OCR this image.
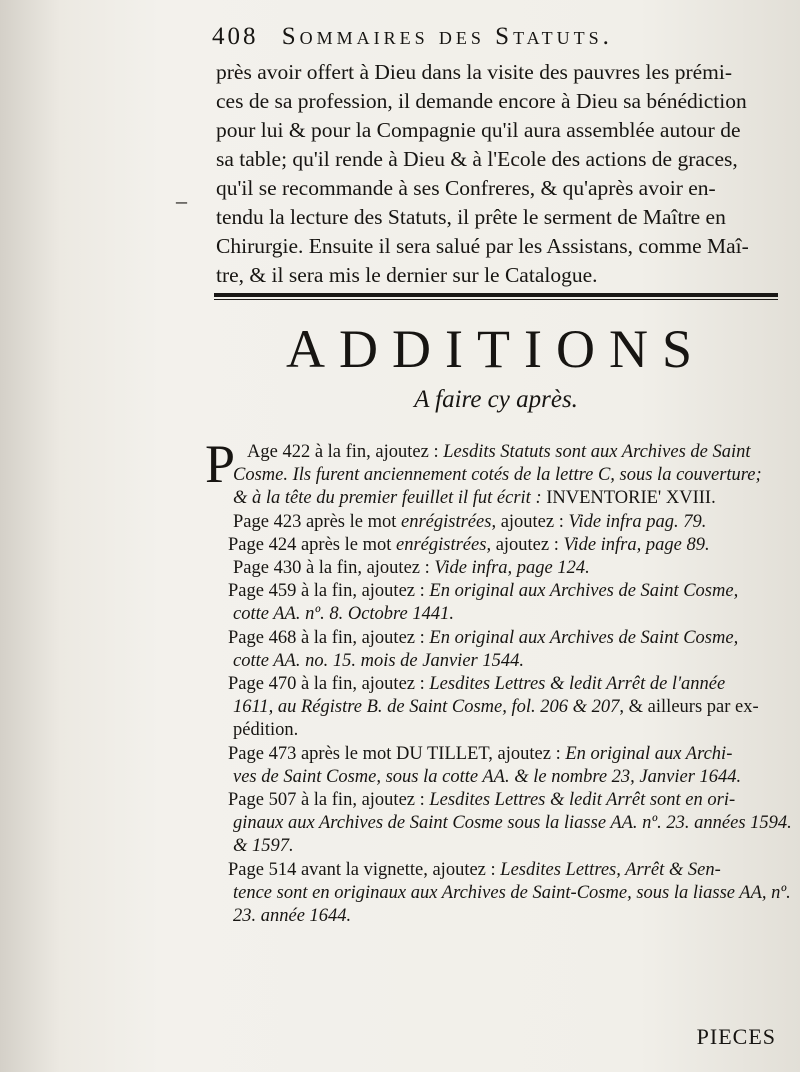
408 Sommaires des Statuts.
près avoir offert à Dieu dans la visite des pauvres les prémi-
ces de sa profession, il demande encore à Dieu sa bénédiction
pour lui & pour la Compagnie qu'il aura assemblée autour de
sa table; qu'il rende à Dieu & à l'Ecole des actions de graces,
qu'il se recommande à ses Confreres, & qu'après avoir en-
tendu la lecture des Statuts, il prête le serment de Maître en
Chirurgie. Ensuite il sera salué par les Assistans, comme Maî-
tre, & il sera mis le dernier sur le Catalogue.
–
ADDITIONS
A faire cy après.
P Age 422 à la fin, ajoutez : Lesdits Statuts sont aux Archives de Saint
Cosme. Ils furent anciennement cotés de la lettre C, sous la couverture;
& à la tête du premier feuillet il fut écrit : INVENTORIE' XVIII.
Page 423 après le mot enrégistrées, ajoutez : Vide infra pag. 79.
Page 424 après le mot enrégistrées, ajoutez : Vide infra, page 89.
Page 430 à la fin, ajoutez : Vide infra, page 124.
Page 459 à la fin, ajoutez : En original aux Archives de Saint Cosme,
cotte AA. nº. 8. Octobre 1441.
Page 468 à la fin, ajoutez : En original aux Archives de Saint Cosme,
cotte AA. no. 15. mois de Janvier 1544.
Page 470 à la fin, ajoutez : Lesdites Lettres & ledit Arrêt de l'année
1611, au Régistre B. de Saint Cosme, fol. 206 & 207, & ailleurs par ex-
pédition.
Page 473 après le mot DU TILLET, ajoutez : En original aux Archi-
ves de Saint Cosme, sous la cotte AA. & le nombre 23, Janvier 1644.
Page 507 à la fin, ajoutez : Lesdites Lettres & ledit Arrêt sont en ori-
ginaux aux Archives de Saint Cosme sous la liasse AA. nº. 23. années 1594.
& 1597.
Page 514 avant la vignette, ajoutez : Lesdites Lettres, Arrêt & Sen-
tence sont en originaux aux Archives de Saint-Cosme, sous la liasse AA, nº.
23. année 1644.
PIECES
